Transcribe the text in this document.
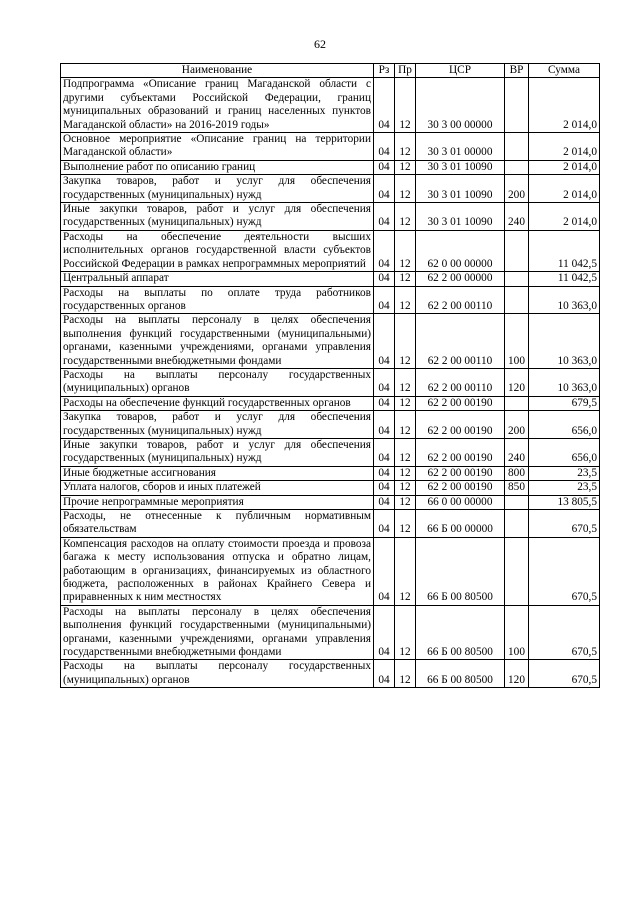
62
Наименование	Рз	Пр	ЦСР	ВР	Сумма
Подпрограмма «Описание границ Магаданской области с другими субъектами Российской Федерации, границ муниципальных образований и границ населенных пунктов Магаданской области» на 2016-2019 годы»	04	12	30 3 00 00000		2 014,0
Основное мероприятие «Описание границ на территории Магаданской области»	04	12	30 3 01 00000		2 014,0
Выполнение работ по описанию границ	04	12	30 3 01 10090		2 014,0
Закупка товаров, работ и услуг для обеспечения государственных (муниципальных) нужд	04	12	30 3 01 10090	200	2 014,0
Иные закупки товаров, работ и услуг для обеспечения государственных (муниципальных) нужд	04	12	30 3 01 10090	240	2 014,0
Расходы на обеспечение деятельности высших исполнительных органов государственной власти субъектов Российской Федерации в рамках непрограммных мероприятий	04	12	62 0 00 00000		11 042,5
Центральный аппарат	04	12	62 2 00 00000		11 042,5
Расходы на выплаты по оплате труда работников государственных органов	04	12	62 2 00 00110		10 363,0
Расходы на выплаты персоналу в целях обеспечения выполнения функций государственными (муниципальными) органами, казенными учреждениями, органами управления государственными внебюджетными фондами	04	12	62 2 00 00110	100	10 363,0
Расходы на выплаты персоналу государственных (муниципальных) органов	04	12	62 2 00 00110	120	10 363,0
Расходы на обеспечение функций государственных органов	04	12	62 2 00 00190		679,5
Закупка товаров, работ и услуг для обеспечения государственных (муниципальных) нужд	04	12	62 2 00 00190	200	656,0
Иные закупки товаров, работ и услуг для обеспечения государственных (муниципальных) нужд	04	12	62 2 00 00190	240	656,0
Иные бюджетные ассигнования	04	12	62 2 00 00190	800	23,5
Уплата налогов, сборов и иных платежей	04	12	62 2 00 00190	850	23,5
Прочие непрограммные мероприятия	04	12	66 0 00 00000		13 805,5
Расходы, не отнесенные к публичным нормативным обязательствам	04	12	66 Б 00 00000		670,5
Компенсация расходов на оплату стоимости проезда и провоза багажа к месту использования отпуска и обратно лицам, работающим в организациях, финансируемых из областного бюджета, расположенных в районах Крайнего Севера и приравненных к ним местностях	04	12	66 Б 00 80500		670,5
Расходы на выплаты персоналу в целях обеспечения выполнения функций государственными (муниципальными) органами, казенными учреждениями, органами управления государственными внебюджетными фондами	04	12	66 Б 00 80500	100	670,5
Расходы на выплаты персоналу государственных (муниципальных) органов	04	12	66 Б 00 80500	120	670,5
